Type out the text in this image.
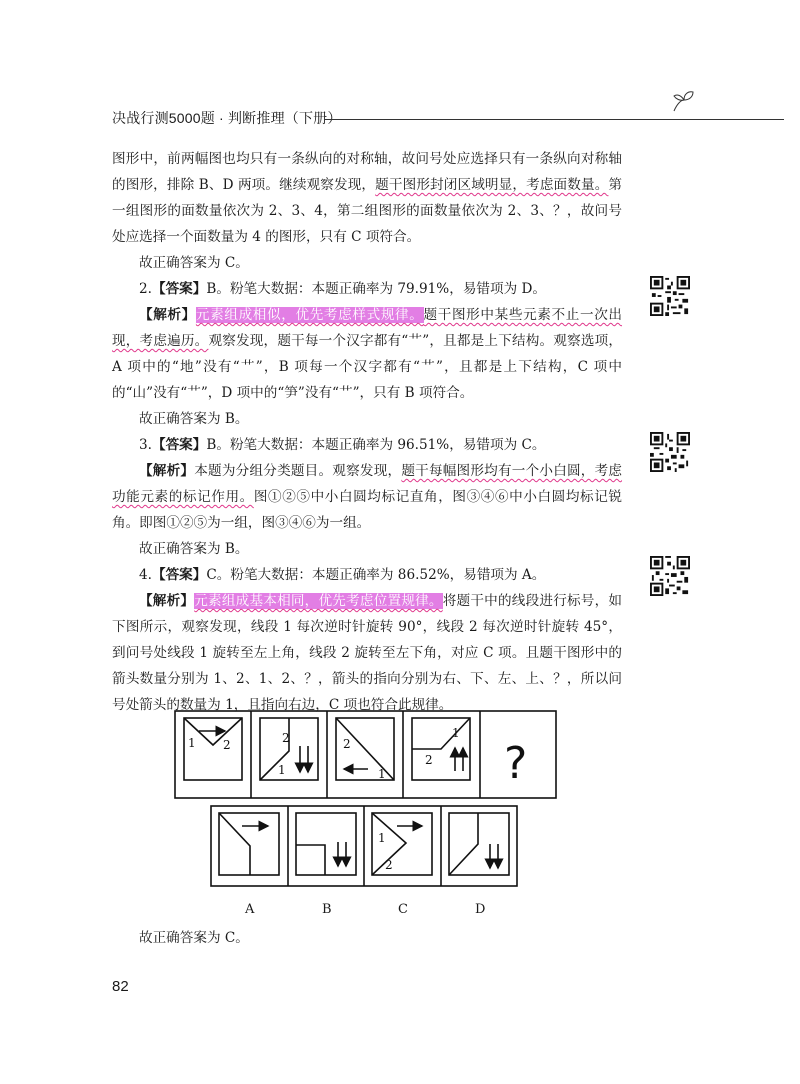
决战行测5000题 · 判断推理（下册）

图形中，前两幅图也均只有一条纵向的对称轴，故问号处应选择只有一条纵向对称轴的图形，排除 B、D 两项。继续观察发现，题干图形封闭区域明显，考虑面数量。第一组图形的面数量依次为 2、3、4，第二组图形的面数量依次为 2、3、？，故问号处应选择一个面数量为 4 的图形，只有 C 项符合。

故正确答案为 C。

2.【答案】B。粉笔大数据：本题正确率为 79.91%，易错项为 D。

【解析】元素组成相似，优先考虑样式规律。题干图形中某些元素不止一次出现，考虑遍历。观察发现，题干每一个汉字都有“艹”，且都是上下结构。观察选项，A 项中的“地”没有“艹”，B 项每一个汉字都有“艹”，且都是上下结构，C 项中的“山”没有“艹”，D 项中的“笋”没有“艹”，只有 B 项符合。

故正确答案为 B。

3.【答案】B。粉笔大数据：本题正确率为 96.51%，易错项为 C。

【解析】本题为分组分类题目。观察发现，题干每幅图形均有一个小白圆，考虑功能元素的标记作用。图①②⑤中小白圆均标记直角，图③④⑥中小白圆均标记锐角。即图①②⑤为一组，图③④⑥为一组。

故正确答案为 B。

4.【答案】C。粉笔大数据：本题正确率为 86.52%，易错项为 A。

【解析】元素组成基本相同，优先考虑位置规律。将题干中的线段进行标号，如下图所示，观察发现，线段 1 每次逆时针旋转 90°，线段 2 每次逆时针旋转 45°，到问号处线段 1 旋转至左上角，线段 2 旋转至左下角，对应 C 项。且题干图形中的箭头数量分别为 1、2、1、2、？，箭头的指向分别为右、下、左、上、？，所以问号处箭头的数量为 1，且指向右边，C 项也符合此规律。

1 2	2
1
2
1
1
2
1
2
?
A	B	C	D
故正确答案为 C。
82
